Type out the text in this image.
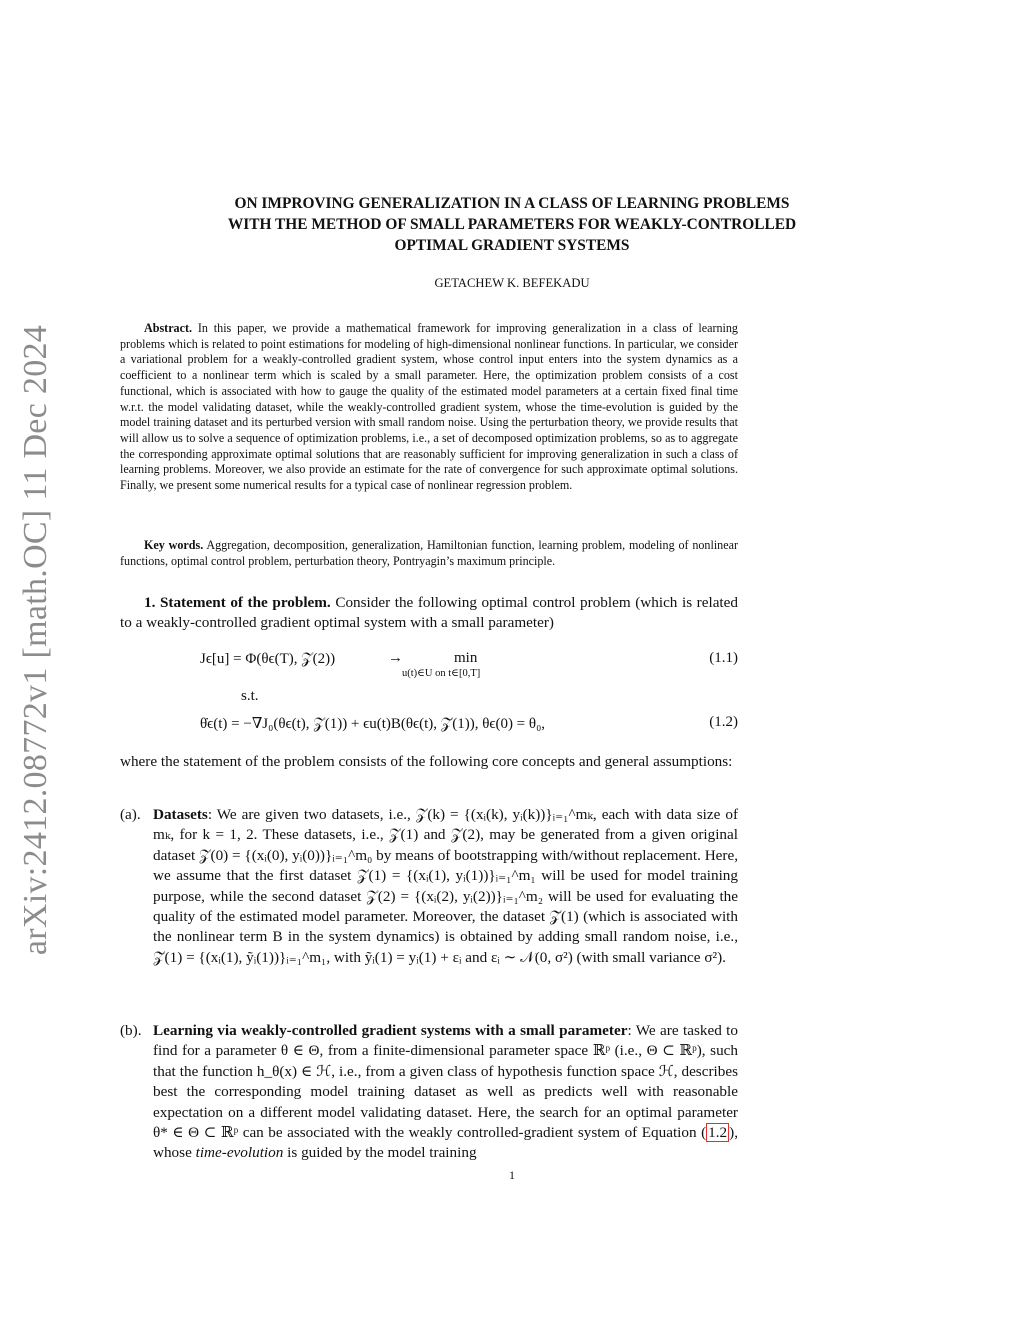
arXiv:2412.08772v1 [math.OC] 11 Dec 2024
ON IMPROVING GENERALIZATION IN A CLASS OF LEARNING PROBLEMS
WITH THE METHOD OF SMALL PARAMETERS FOR WEAKLY-CONTROLLED
OPTIMAL GRADIENT SYSTEMS
GETACHEW K. BEFEKADU
Abstract. In this paper, we provide a mathematical framework for improving generalization in a class of learning problems which is related to point estimations for modeling of high-dimensional nonlinear functions. In particular, we consider a variational problem for a weakly-controlled gradient system, whose control input enters into the system dynamics as a coefficient to a nonlinear term which is scaled by a small parameter. Here, the optimization problem consists of a cost functional, which is associated with how to gauge the quality of the estimated model parameters at a certain fixed final time w.r.t. the model validating dataset, while the weakly-controlled gradient system, whose the time-evolution is guided by the model training dataset and its perturbed version with small random noise. Using the perturbation theory, we provide results that will allow us to solve a sequence of optimization problems, i.e., a set of decomposed optimization problems, so as to aggregate the corresponding approximate optimal solutions that are reasonably sufficient for improving generalization in such a class of learning problems. Moreover, we also provide an estimate for the rate of convergence for such approximate optimal solutions. Finally, we present some numerical results for a typical case of nonlinear regression problem.
Key words. Aggregation, decomposition, generalization, Hamiltonian function, learning problem, modeling of nonlinear functions, optimal control problem, perturbation theory, Pontryagin’s maximum principle.
1. Statement of the problem. Consider the following optimal control problem (which is related to a weakly-controlled gradient optimal system with a small parameter)
Jϵ[u] = Φ(θϵ(T), 𝒵(2))	→	min
u(t)∈U on t∈[0,T]
(1.1)
s.t.
θ̇ϵ(t) = −∇J₀(θϵ(t), 𝒵(1)) + ϵu(t)B(θϵ(t), 𝒵̃(1)), θϵ(0) = θ₀,	(1.2)
where the statement of the problem consists of the following core concepts and general assumptions:
(a). Datasets: We are given two datasets, i.e., 𝒵(k) = {(xᵢ(k), yᵢ(k))}ᵢ₌₁^mₖ, each with data size of mₖ, for k = 1, 2. These datasets, i.e., 𝒵(1) and 𝒵(2), may be generated from a given original dataset 𝒵(0) = {(xᵢ(0), yᵢ(0))}ᵢ₌₁^m₀ by means of bootstrapping with/without replacement. Here, we assume that the first dataset 𝒵(1) = {(xᵢ(1), yᵢ(1))}ᵢ₌₁^m₁ will be used for model training purpose, while the second dataset 𝒵(2) = {(xᵢ(2), yᵢ(2))}ᵢ₌₁^m₂ will be used for evaluating the quality of the estimated model parameter. Moreover, the dataset 𝒵̃(1) (which is associated with the nonlinear term B in the system dynamics) is obtained by adding small random noise, i.e., 𝒵̃(1) = {(xᵢ(1), ỹᵢ(1))}ᵢ₌₁^m₁, with ỹᵢ(1) = yᵢ(1) + εᵢ and εᵢ ∼ 𝒩(0, σ²) (with small variance σ²).
(b). Learning via weakly-controlled gradient systems with a small parameter: We are tasked to find for a parameter θ ∈ Θ, from a finite-dimensional parameter space ℝᵖ (i.e., Θ ⊂ ℝᵖ), such that the function h_θ(x) ∈ ℋ, i.e., from a given class of hypothesis function space ℋ, describes best the corresponding model training dataset as well as predicts well with reasonable expectation on a different model validating dataset. Here, the search for an optimal parameter θ* ∈ Θ ⊂ ℝᵖ can be associated with the weakly controlled-gradient system of Equation ( 1.2 ), whose time-evolution is guided by the model training
1
